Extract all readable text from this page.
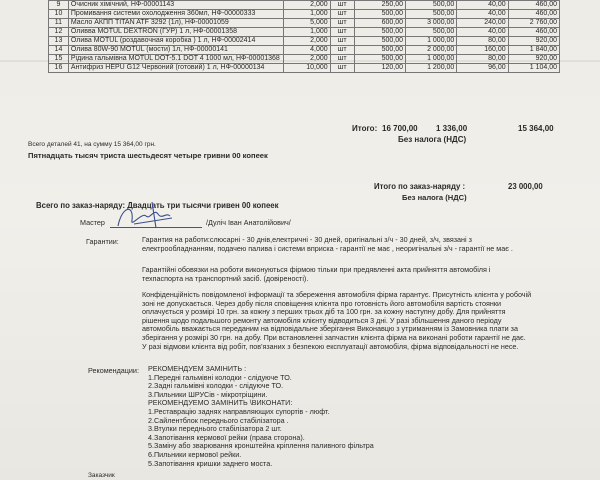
9	Очисник хімічний, НФ-00001143	2,000	шт	250,00	500,00	40,00	460,00
10	Промивання системи охолодження 360мл, НФ-00000333	1,000	шт	500,00	500,00	40,00	460,00
11	Масло АКПП TITAN ATF 3292 (1л), НФ-00001059	5,000	шт	600,00	3 000,00	240,00	2 760,00
12	Оливва MOTUL DEXTRON (ГУР) 1 л, НФ-00001358	1,000	шт	500,00	500,00	40,00	460,00
13	Олива MOTUL (роздавочная коробка ) 1 л, НФ-00002414	2,000	шт	500,00	1 000,00	80,00	920,00
14	Олива 80W-90 MOTUL (мости) 1л, НФ-00000141	4,000	шт	500,00	2 000,00	160,00	1 840,00
15	Рідина гальмівна MOTUL DOT-5.1 DOT 4 1000 мл, НФ-00001368	2,000	шт	500,00	1 000,00	80,00	920,00
16	Антифриз HEPU G12 Червоний (готовий) 1 л, НФ-00000134	10,000	шт	120,00	1 200,00	96,00	1 104,00
Итого: 16 700,00 1 336,00	15 364,00
Без налога (НДС)
Всего деталей 41, на сумму 15 364,00 грн.
Пятнадцать тысяч триста шестьдесят четыре гривни 00 копеек
Итого по заказ-наряду :	23 000,00
Без налога (НДС)
Всего по заказ-наряду: Двадцать три тысячи гривен 00 копеек
Мастер	/Дуліч Іван Анатолійович/
Гарантии:	Гарантия на работи:слюсарні - 30 днів,електричні - 30 дней, оригінальні з/ч - 30 дней, з/ч, звязані з електрообладнанням, подачею палива і системи вприска - гарантії не має , неоригінальні з/ч - гарантії не має .
Гарантійні обовязки на роботи виконуються фірмою тільки при предявленні акта прийняття автомобіля і техпаспорта на транспортний засіб. (довіреності).
Конфіденційність повідомленої інформації та збереження автомобіля фірма гарантує. Присутність клієнта у робочій зоні не допускається. Через добу після сповіщення клієнта про готовність його автомобіля вартість стоянки оплачується у розмірі 10 грн. за кожну з перших трьох діб та 100 грн. за кожну наступну добу. Для прийняття рішення щодо подальшого ремонту автомобіля клієнту відводиться 3 дні. У разі збільшення даного періоду автомобіль вважається переданим на відповідальне зберігання Виконавцю з утриманням із Замовника плати за зберігання у розмірі 30 грн. на добу. При встановленні запчастин клієнта фірма на виконані роботи гарантії не дає. У разі відмови клієнта від робіт, пов'язаних з безпекою експлуатації автомобіля, фірма відповідальності не несе.
Рекомендации: РЕКОМЕНДУЕМ ЗАМІНИТЬ :
1.Передні гальмівні колодки - слідуюче ТО.
2.Задні гальмівні колодки - слідуюче ТО.
3.Пильники ШРУСів - мікротріщини.
РЕКОМЕНДУЕМО ЗАМІНИТЬ \ВИКОНАТИ:
1.Реставрацію заднях направляющих супортів - люфт.
2.Сайлентблок переднього стабілізатора .
3.Втулки переднього стабілізатора 2 шт.
4.Запотівання кермової рейки (права сторона).
5.Заміну або зварювання кронштейна кріплення паливного фільтра
6.Пильники кермової рейки.
5.Запотівання кришки заднего моста.
Заказчик
